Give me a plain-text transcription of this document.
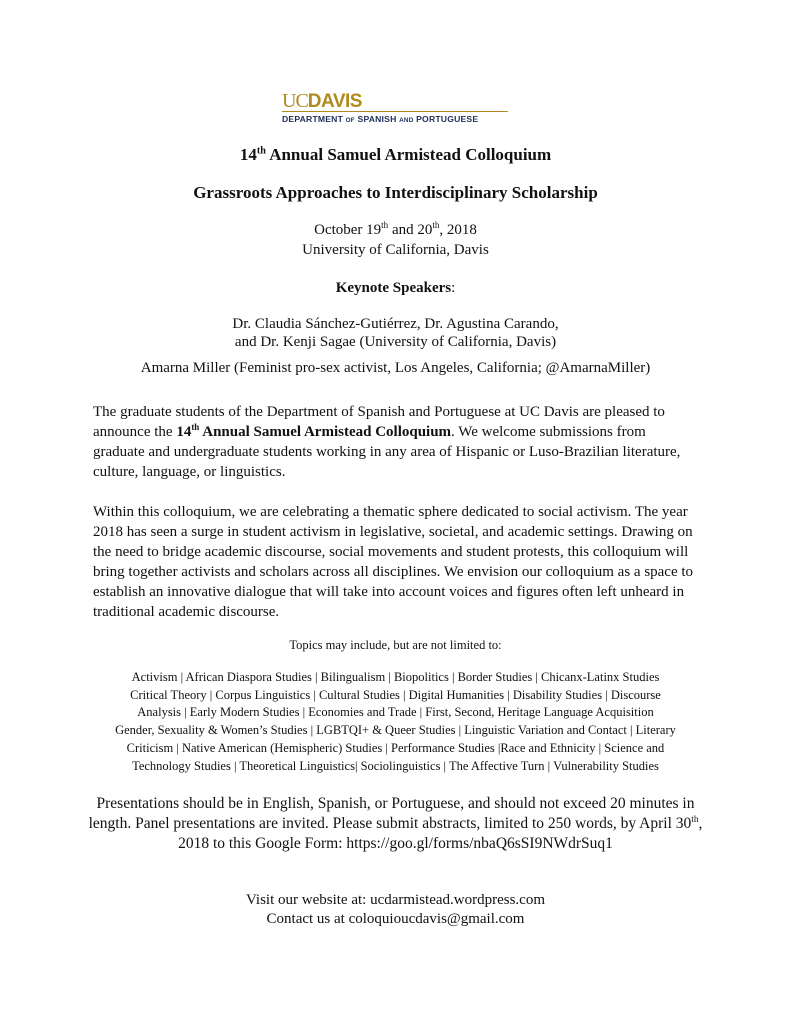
UCDAVIS
DEPARTMENT OF SPANISH AND PORTUGUESE
14th Annual Samuel Armistead Colloquium
Grassroots Approaches to Interdisciplinary Scholarship
October 19th and 20th, 2018
University of California, Davis
Keynote Speakers:
Dr. Claudia Sánchez-Gutiérrez, Dr. Agustina Carando,
and Dr. Kenji Sagae (University of California, Davis)
Amarna Miller (Feminist pro-sex activist, Los Angeles, California; @AmarnaMiller)
The graduate students of the Department of Spanish and Portuguese at UC Davis are pleased to announce the 14th Annual Samuel Armistead Colloquium. We welcome submissions from graduate and undergraduate students working in any area of Hispanic or Luso-Brazilian literature, culture, language, or linguistics.
Within this colloquium, we are celebrating a thematic sphere dedicated to social activism. The year 2018 has seen a surge in student activism in legislative, societal, and academic settings. Drawing on the need to bridge academic discourse, social movements and student protests, this colloquium will bring together activists and scholars across all disciplines. We envision our colloquium as a space to establish an innovative dialogue that will take into account voices and figures often left unheard in traditional academic discourse.
Topics may include, but are not limited to:
Activism | African Diaspora Studies | Bilingualism | Biopolitics | Border Studies | Chicanx-Latinx Studies
Critical Theory | Corpus Linguistics | Cultural Studies | Digital Humanities | Disability Studies | Discourse
Analysis | Early Modern Studies | Economies and Trade | First, Second, Heritage Language Acquisition
Gender, Sexuality & Women’s Studies | LGBTQI+ & Queer Studies | Linguistic Variation and Contact | Literary
Criticism | Native American (Hemispheric) Studies | Performance Studies |Race and Ethnicity | Science and
Technology Studies | Theoretical Linguistics| Sociolinguistics | The Affective Turn | Vulnerability Studies
Presentations should be in English, Spanish, or Portuguese, and should not exceed 20 minutes in
length. Panel presentations are invited. Please submit abstracts, limited to 250 words, by April 30th,
2018 to this Google Form: https://goo.gl/forms/nbaQ6sSI9NWdrSuq1
Visit our website at: ucdarmistead.wordpress.com
Contact us at coloquioucdavis@gmail.com
